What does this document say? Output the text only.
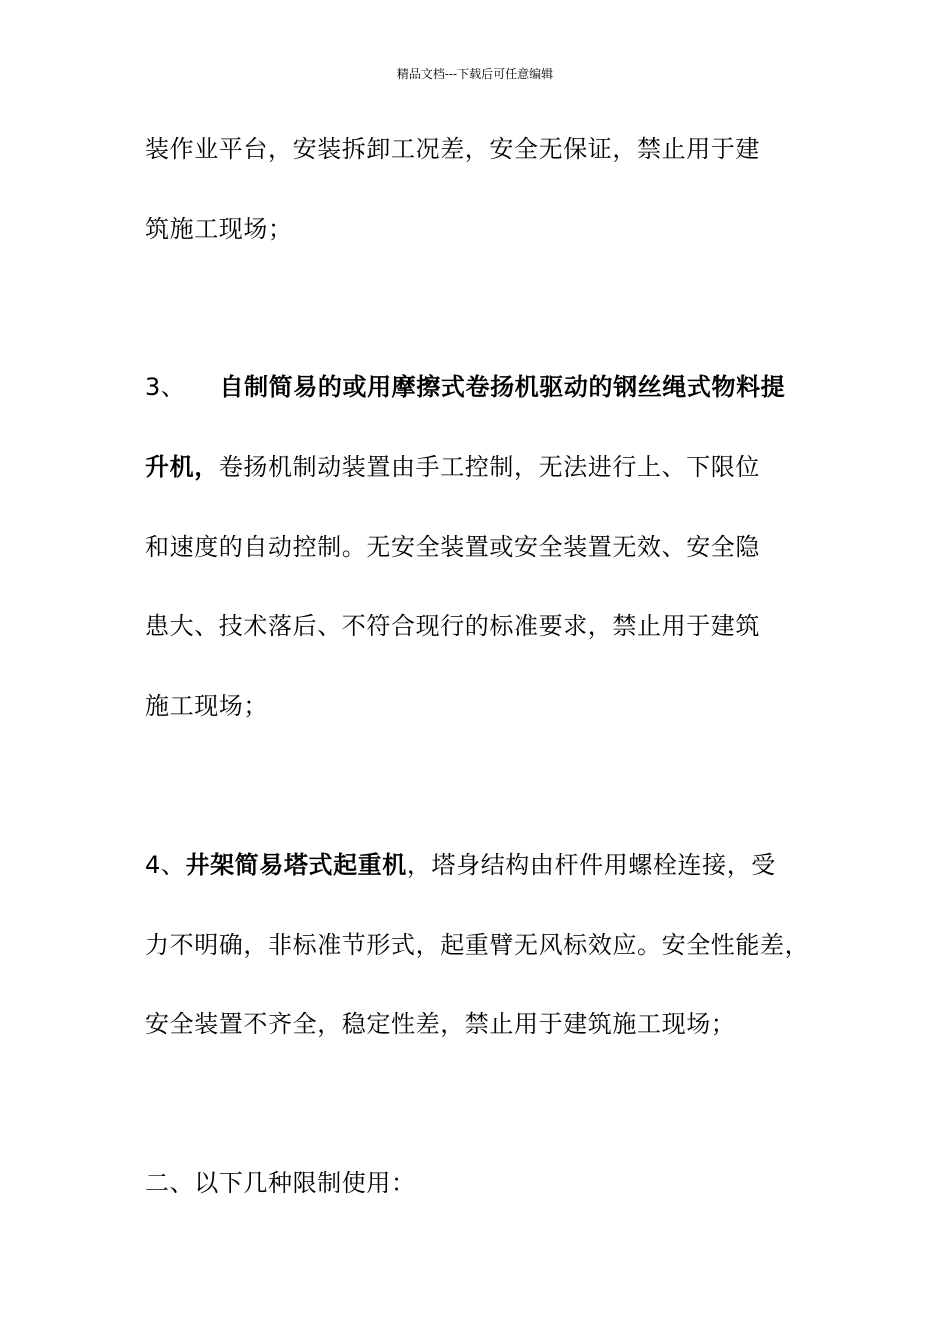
精品文档---下载后可任意编辑
装作业平台，安装拆卸工况差，安全无保证，禁止用于建
筑施工现场；
3、 自制简易的或用摩擦式卷扬机驱动的钢丝绳式物料提
升机，卷扬机制动装置由手工控制，无法进行上、下限位
和速度的自动控制。无安全装置或安全装置无效、安全隐
患大、技术落后、不符合现行的标准要求，禁止用于建筑
施工现场；
4、井架简易塔式起重机，塔身结构由杆件用螺栓连接，受
力不明确，非标准节形式，起重臂无风标效应。安全性能差，
安全装置不齐全，稳定性差，禁止用于建筑施工现场；
二、以下几种限制使用：
